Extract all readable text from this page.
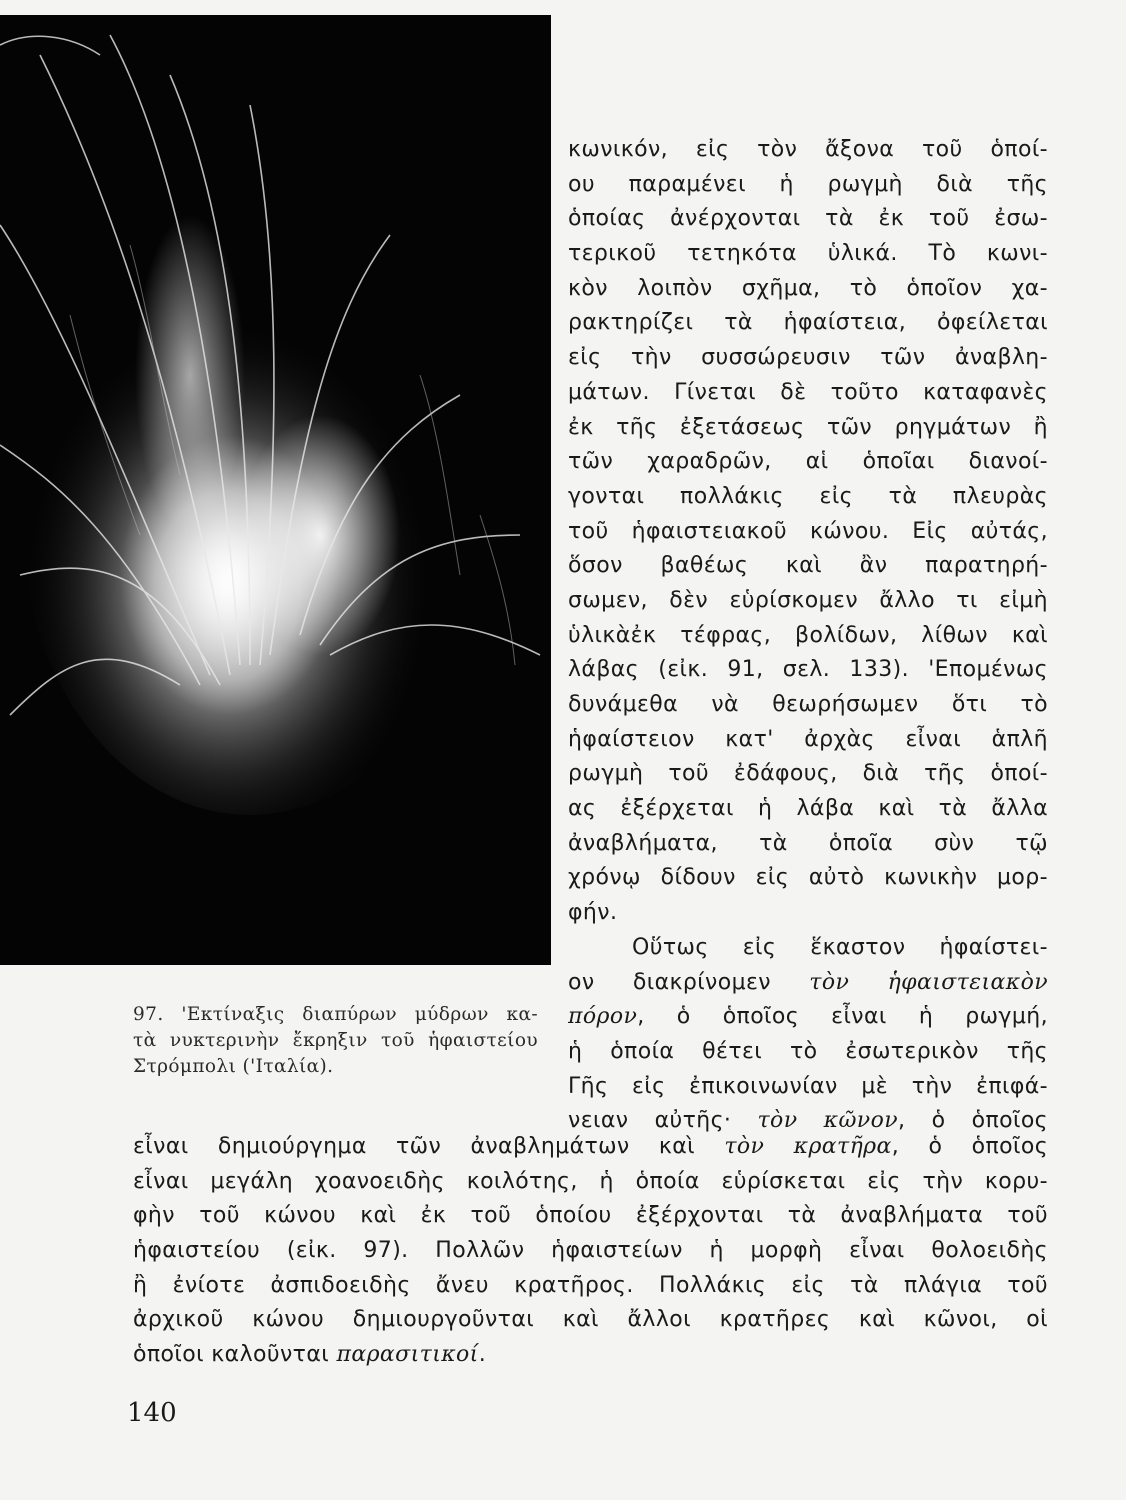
97. 'Εκτίναξις διαπύρων μύδρων κα-
τὰ νυκτερινὴν ἔκρηξιν τοῦ ἡφαιστείου
Στρόμπολι ('Ιταλία).
κωνικόν, εἰς τὸν ἄξονα τοῦ ὁποί-
ου παραμένει ἡ ρωγμὴ διὰ τῆς
ὁποίας ἀνέρχονται τὰ ἐκ τοῦ ἐσω-
τερικοῦ τετηκότα ὑλικά. Τὸ κωνι-
κὸν λοιπὸν σχῆμα, τὸ ὁποῖον χα-
ρακτηρίζει τὰ ἡφαίστεια, ὀφείλεται
εἰς τὴν συσσώρευσιν τῶν ἀναβλη-
μάτων. Γίνεται δὲ τοῦτο καταφανὲς
ἐκ τῆς ἐξετάσεως τῶν ρηγμάτων ἢ
τῶν χαραδρῶν, αἱ ὁποῖαι διανοί-
γονται πολλάκις εἰς τὰ πλευρὰς
τοῦ ἡφαιστειακοῦ κώνου. Εἰς αὐτάς,
ὅσον βαθέως καὶ ἂν παρατηρή-
σωμεν, δὲν εὑρίσκομεν ἄλλο τι εἰμὴ
ὑλικὰἐκ τέφρας, βολίδων, λίθων καὶ
λάβας (εἰκ. 91, σελ. 133). 'Επομένως
δυνάμεθα νὰ θεωρήσωμεν ὅτι τὸ
ἡφαίστειον κατ' ἀρχὰς εἶναι ἁπλῆ
ρωγμὴ τοῦ ἐδάφους, διὰ τῆς ὁποί-
ας ἐξέρχεται ἡ λάβα καὶ τὰ ἄλλα
ἀναβλήματα, τὰ ὁποῖα σὺν τῷ
χρόνῳ δίδουν εἰς αὐτὸ κωνικὴν μορ-
φήν.
Οὕτως εἰς ἕκαστον ἡφαίστει-
ον διακρίνομεν τὸν ἡφαιστειακὸν
πόρον, ὁ ὁποῖος εἶναι ἡ ρωγμή,
ἡ ὁποία θέτει τὸ ἐσωτερικὸν τῆς
Γῆς εἰς ἐπικοινωνίαν μὲ τὴν ἐπιφά-
νειαν αὐτῆς· τὸν κῶνον, ὁ ὁποῖος
εἶναι δημιούργημα τῶν ἀναβλημάτων καὶ τὸν κρατῆρα, ὁ ὁποῖος
εἶναι μεγάλη χοανοειδὴς κοιλότης, ἡ ὁποία εὑρίσκεται εἰς τὴν κορυ-
φὴν τοῦ κώνου καὶ ἐκ τοῦ ὁποίου ἐξέρχονται τὰ ἀναβλήματα τοῦ
ἡφαιστείου (εἰκ. 97). Πολλῶν ἡφαιστείων ἡ μορφὴ εἶναι θολοειδὴς
ἢ ἐνίοτε ἀσπιδοειδὴς ἄνευ κρατῆρος. Πολλάκις εἰς τὰ πλάγια τοῦ
ἀρχικοῦ κώνου δημιουργοῦνται καὶ ἄλλοι κρατῆρες καὶ κῶνοι, οἱ
ὁποῖοι καλοῦνται παρασιτικοί.
140
